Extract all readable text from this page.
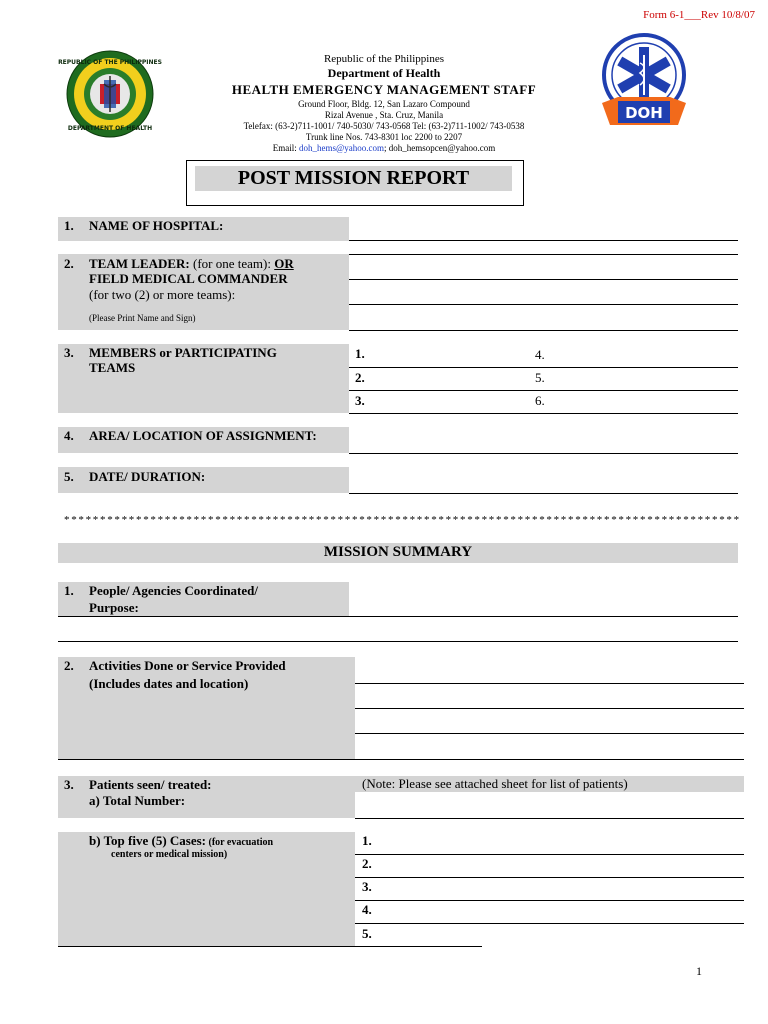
Form 6-1___Rev 10/8/07
REPUBLIC OF THE PHILIPPINES
DEPARTMENT OF HEALTH
DOH
Republic of the Philippines
Department of Health
HEALTH EMERGENCY MANAGEMENT STAFF
Ground Floor, Bldg. 12, San Lazaro Compound
Rizal Avenue , Sta. Cruz, Manila
Telefax: (63-2)711-1001/ 740-5030/ 743-0568 Tel: (63-2)711-1002/ 743-0538
Trunk line Nos. 743-8301 loc 2200 to 2207
Email: doh_hems@yahoo.com; doh_hemsopcen@yahoo.com
POST MISSION REPORT
1. NAME OF HOSPITAL:
2. TEAM LEADER: (for one team): OR
FIELD MEDICAL COMMANDER
(for two (2) or more teams):
(Please Print Name and Sign)
3. MEMBERS or PARTICIPATING
TEAMS
1.
2.
3.
4.
5.
6.
4. AREA/ LOCATION OF ASSIGNMENT:
5. DATE/ DURATION:
**********************************************************************************************
MISSION SUMMARY
1. People/ Agencies Coordinated/
Purpose:
2. Activities Done or Service Provided
(Includes dates and location)
3. Patients seen/ treated:
a) Total Number:
(Note: Please see attached sheet for list of patients)
b) Top five (5) Cases: (for evacuation
centers or medical mission)
1.
2.
3.
4.
5.
1
